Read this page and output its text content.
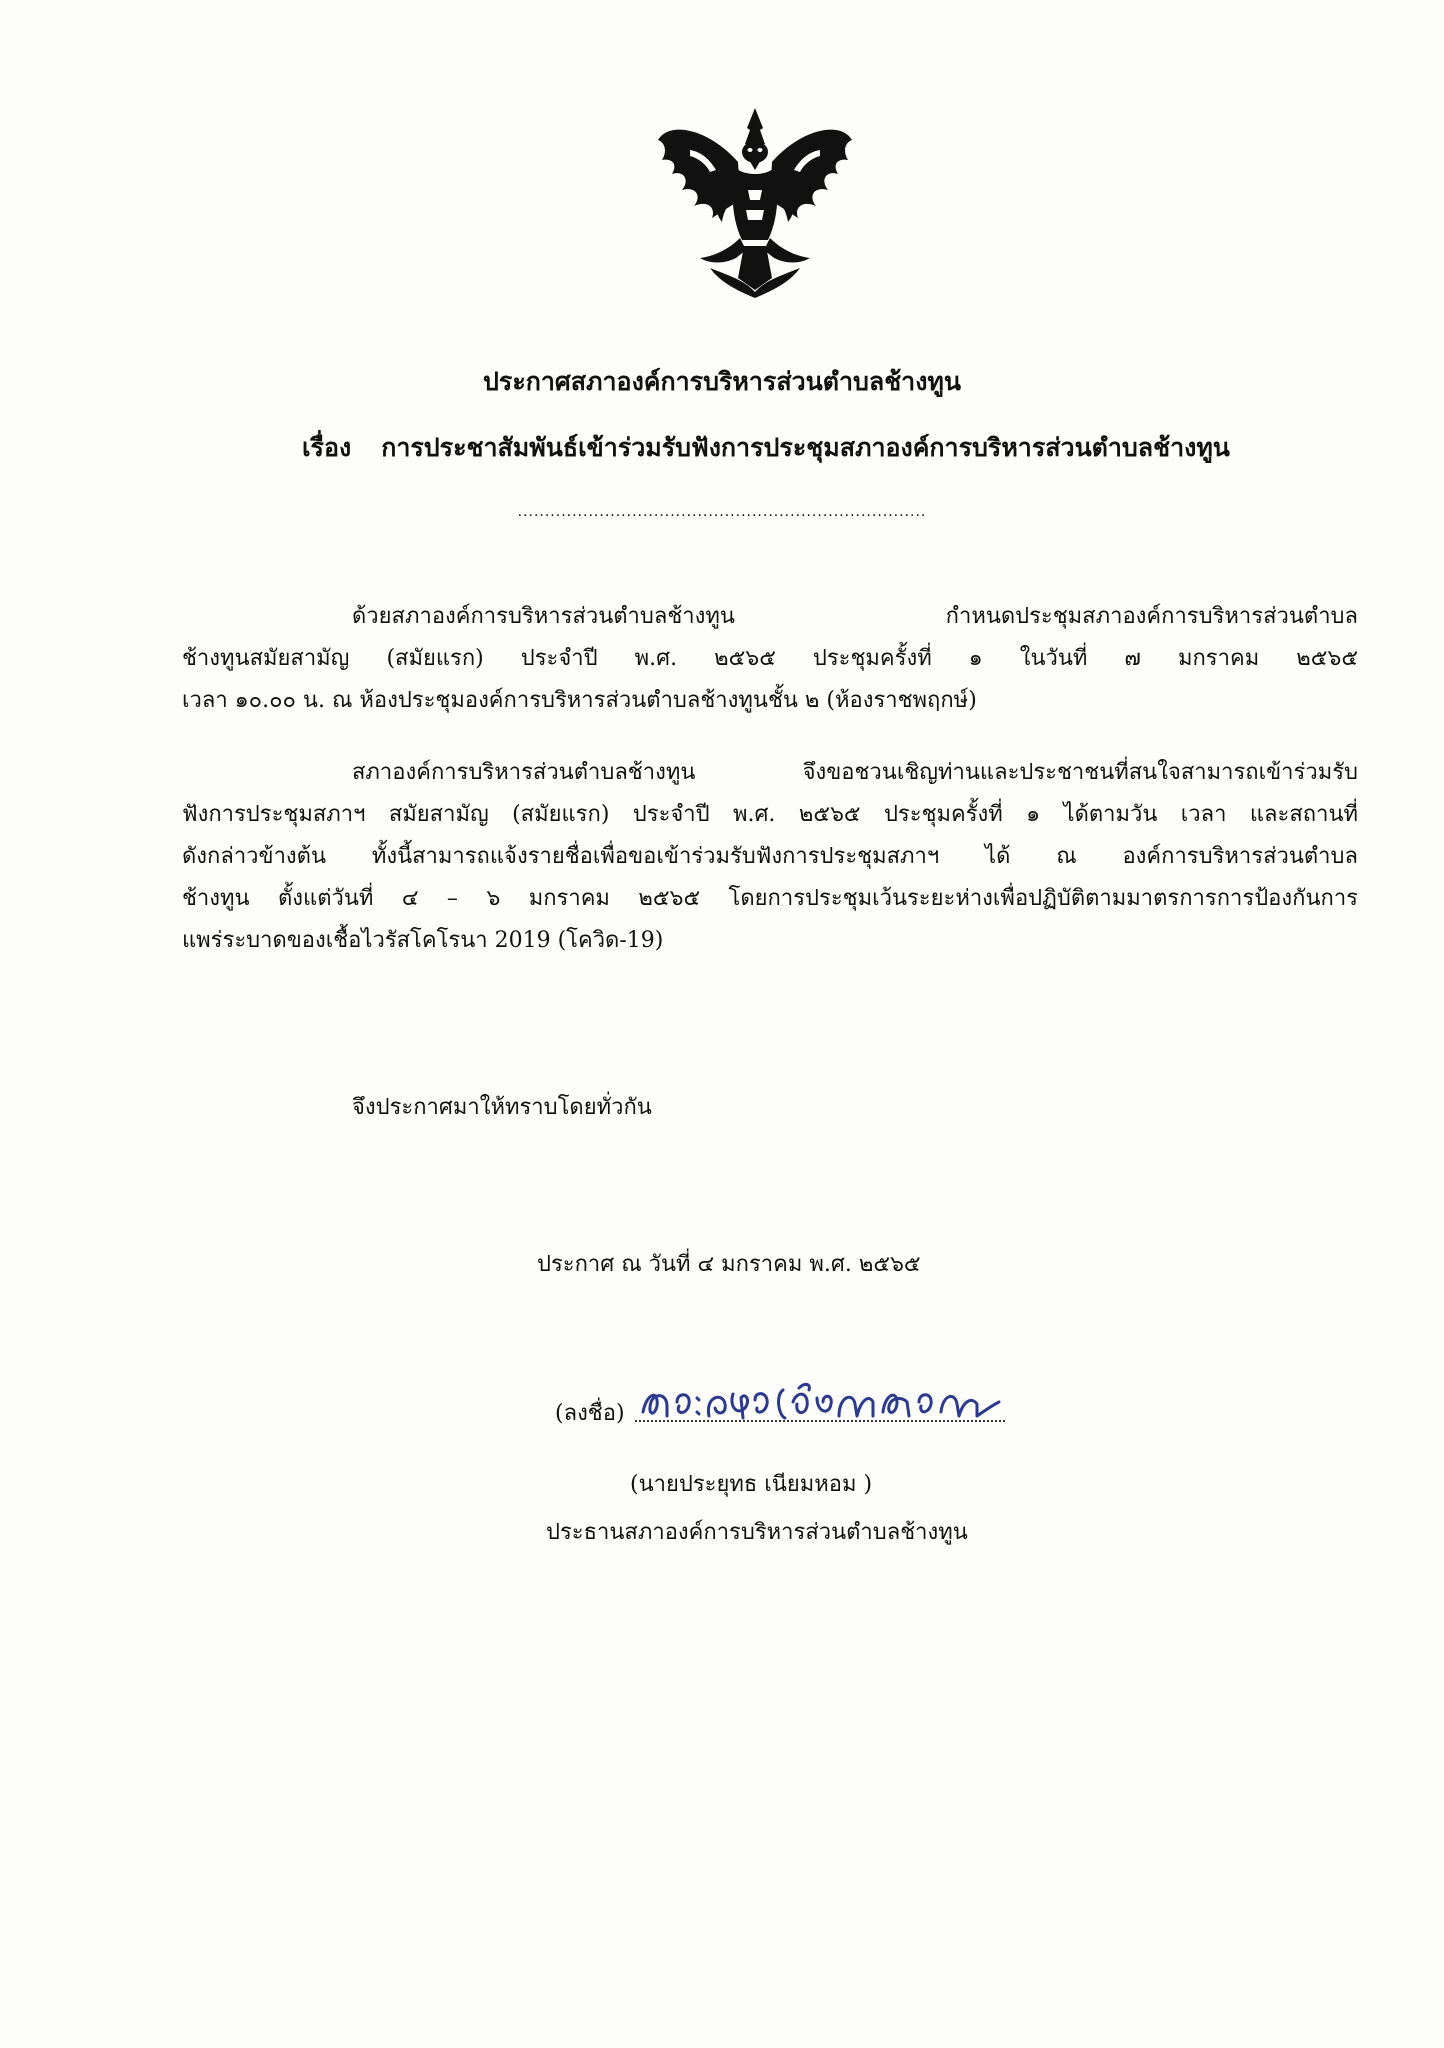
ประกาศสภาองค์การบริหารส่วนตำบลช้างทูน
เรื่อง การประชาสัมพันธ์เข้าร่วมรับฟังการประชุมสภาองค์การบริหารส่วนตำบลช้างทูน
...........................................................................
ด้วยสภาองค์การบริหารส่วนตำบลช้างทูน กำหนดประชุมสภาองค์การบริหารส่วนตำบล
ช้างทูนสมัยสามัญ (สมัยแรก) ประจำปี พ.ศ. ๒๕๖๕ ประชุมครั้งที่ ๑ ในวันที่ ๗ มกราคม ๒๕๖๕
เวลา ๑๐.๐๐ น. ณ ห้องประชุมองค์การบริหารส่วนตำบลช้างทูนชั้น ๒ (ห้องราชพฤกษ์)
สภาองค์การบริหารส่วนตำบลช้างทูน จึงขอชวนเชิญท่านและประชาชนที่สนใจสามารถเข้าร่วมรับ
ฟังการประชุมสภาฯ สมัยสามัญ (สมัยแรก) ประจำปี พ.ศ. ๒๕๖๕ ประชุมครั้งที่ ๑ ได้ตามวัน เวลา และสถานที่
ดังกล่าวข้างต้น ทั้งนี้สามารถแจ้งรายชื่อเพื่อขอเข้าร่วมรับฟังการประชุมสภาฯ ได้ ณ องค์การบริหารส่วนตำบล
ช้างทูน ตั้งแต่วันที่ ๔ – ๖ มกราคม ๒๕๖๕ โดยการประชุมเว้นระยะห่างเพื่อปฏิบัติตามมาตรการการป้องกันการ
แพร่ระบาดของเชื้อไวรัสโคโรนา 2019 (โควิด-19)
จึงประกาศมาให้ทราบโดยทั่วกัน
ประกาศ ณ วันที่ ๔ มกราคม พ.ศ. ๒๕๖๕
(ลงชื่อ)
(นายประยุทธ เนียมหอม )
ประธานสภาองค์การบริหารส่วนตำบลช้างทูน
